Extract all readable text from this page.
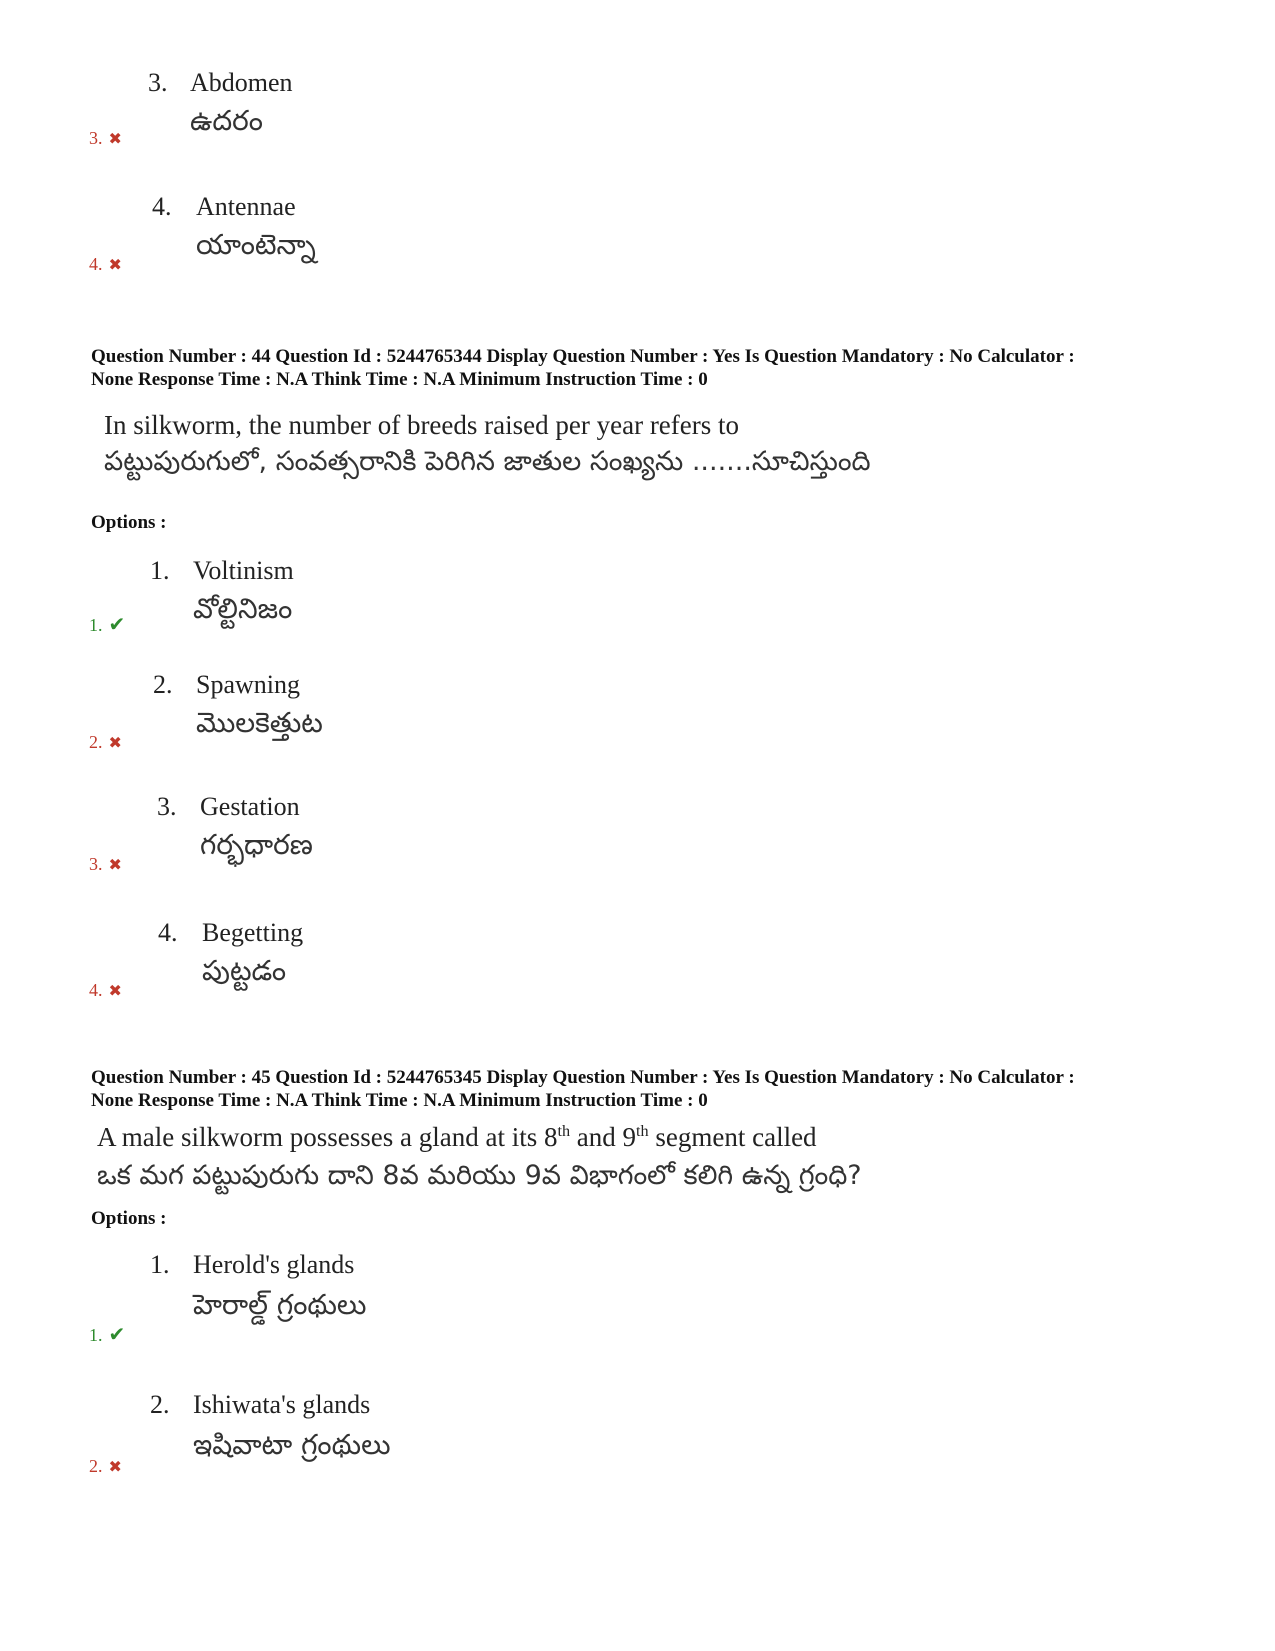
3. Abdomen
ఉదరం
3. ✖
4. Antennae
యాంటెన్నా
4. ✖
Question Number : 44 Question Id : 5244765344 Display Question Number : Yes Is Question Mandatory : No Calculator :
None Response Time : N.A Think Time : N.A Minimum Instruction Time : 0
In silkworm, the number of breeds raised per year refers to
పట్టుపురుగులో, సంవత్సరానికి పెరిగిన జాతుల సంఖ్యను .......సూచిస్తుంది
Options :
1. Voltinism
వోల్టినిజం
1. ✔
2. Spawning
మొలకెత్తుట
2. ✖
3. Gestation
గర్భధారణ
3. ✖
4. Begetting
పుట్టడం
4. ✖
Question Number : 45 Question Id : 5244765345 Display Question Number : Yes Is Question Mandatory : No Calculator :
None Response Time : N.A Think Time : N.A Minimum Instruction Time : 0
A male silkworm possesses a gland at its 8th and 9th segment called
ఒక మగ పట్టుపురుగు దాని 8వ మరియు 9వ విభాగంలో కలిగి ఉన్న గ్రంధి?
Options :
1. Herold's glands
హెరాల్డ్ గ్రంథులు
1. ✔
2. Ishiwata's glands
ఇషివాటా గ్రంథులు
2. ✖
